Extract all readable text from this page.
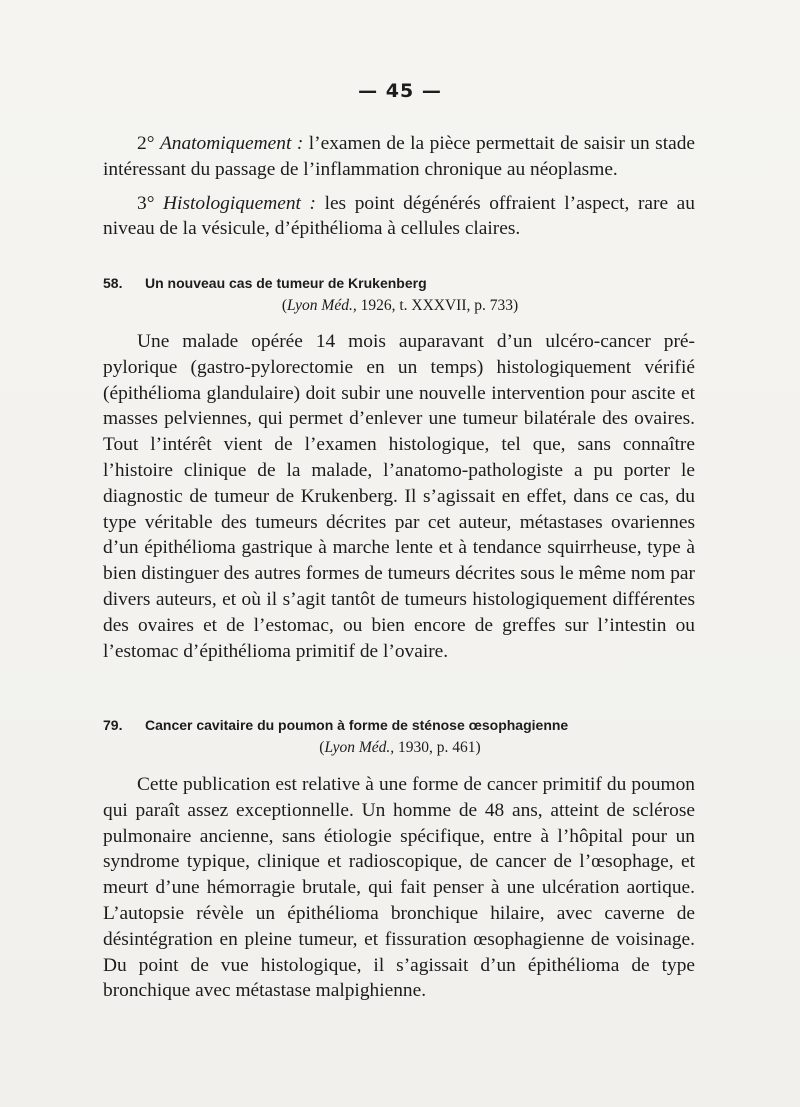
— 45 —

2° Anatomiquement : l’examen de la pièce permettait de saisir un stade intéressant du passage de l’inflammation chronique au néoplasme.

3° Histologiquement : les point dégénérés offraient l’aspect, rare au niveau de la vésicule, d’épithélioma à cellules claires.

58. Un nouveau cas de tumeur de Krukenberg
(Lyon Méd., 1926, t. XXXVII, p. 733)

Une malade opérée 14 mois auparavant d’un ulcéro-cancer pré-pylorique (gastro-pylorectomie en un temps) histologiquement vérifié (épithélioma glandulaire) doit subir une nouvelle intervention pour ascite et masses pelviennes, qui permet d’enlever une tumeur bilatérale des ovaires. Tout l’intérêt vient de l’examen histologique, tel que, sans connaître l’histoire clinique de la malade, l’anatomo-pathologiste a pu porter le diagnostic de tumeur de Krukenberg. Il s’agissait en effet, dans ce cas, du type véritable des tumeurs décrites par cet auteur, métastases ovariennes d’un épithélioma gastrique à marche lente et à tendance squirrheuse, type à bien distinguer des autres formes de tumeurs décrites sous le même nom par divers auteurs, et où il s’agit tantôt de tumeurs histologiquement différentes des ovaires et de l’estomac, ou bien encore de greffes sur l’intestin ou l’estomac d’épithélioma primitif de l’ovaire.

79. Cancer cavitaire du poumon à forme de sténose œsophagienne
(Lyon Méd., 1930, p. 461)

Cette publication est relative à une forme de cancer primitif du poumon qui paraît assez exceptionnelle. Un homme de 48 ans, atteint de sclérose pulmonaire ancienne, sans étiologie spécifique, entre à l’hôpital pour un syndrome typique, clinique et radioscopique, de cancer de l’œsophage, et meurt d’une hémorragie brutale, qui fait penser à une ulcération aortique. L’autopsie révèle un épithélioma bronchique hilaire, avec caverne de désintégration en pleine tumeur, et fissuration œsophagienne de voisinage. Du point de vue histologique, il s’agissait d’un épithélioma de type bronchique avec métastase malpighienne.
